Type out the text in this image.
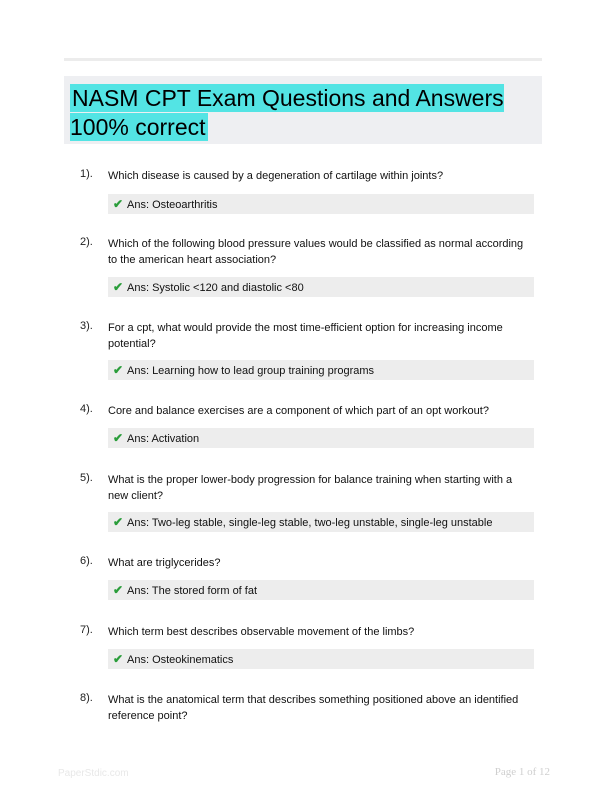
NASM CPT Exam Questions and Answers 100% correct
1). Which disease is caused by a degeneration of cartilage within joints?
✔ Ans: Osteoarthritis
2). Which of the following blood pressure values would be classified as normal according to the american heart association?
✔ Ans: Systolic <120 and diastolic <80
3). For a cpt, what would provide the most time-efficient option for increasing income potential?
✔ Ans: Learning how to lead group training programs
4). Core and balance exercises are a component of which part of an opt workout?
✔ Ans: Activation
5). What is the proper lower-body progression for balance training when starting with a new client?
✔ Ans: Two-leg stable, single-leg stable, two-leg unstable, single-leg unstable
6). What are triglycerides?
✔ Ans: The stored form of fat
7). Which term best describes observable movement of the limbs?
✔ Ans: Osteokinematics
8). What is the anatomical term that describes something positioned above an identified reference point?
PaperStdic.com	Page 1 of 12
